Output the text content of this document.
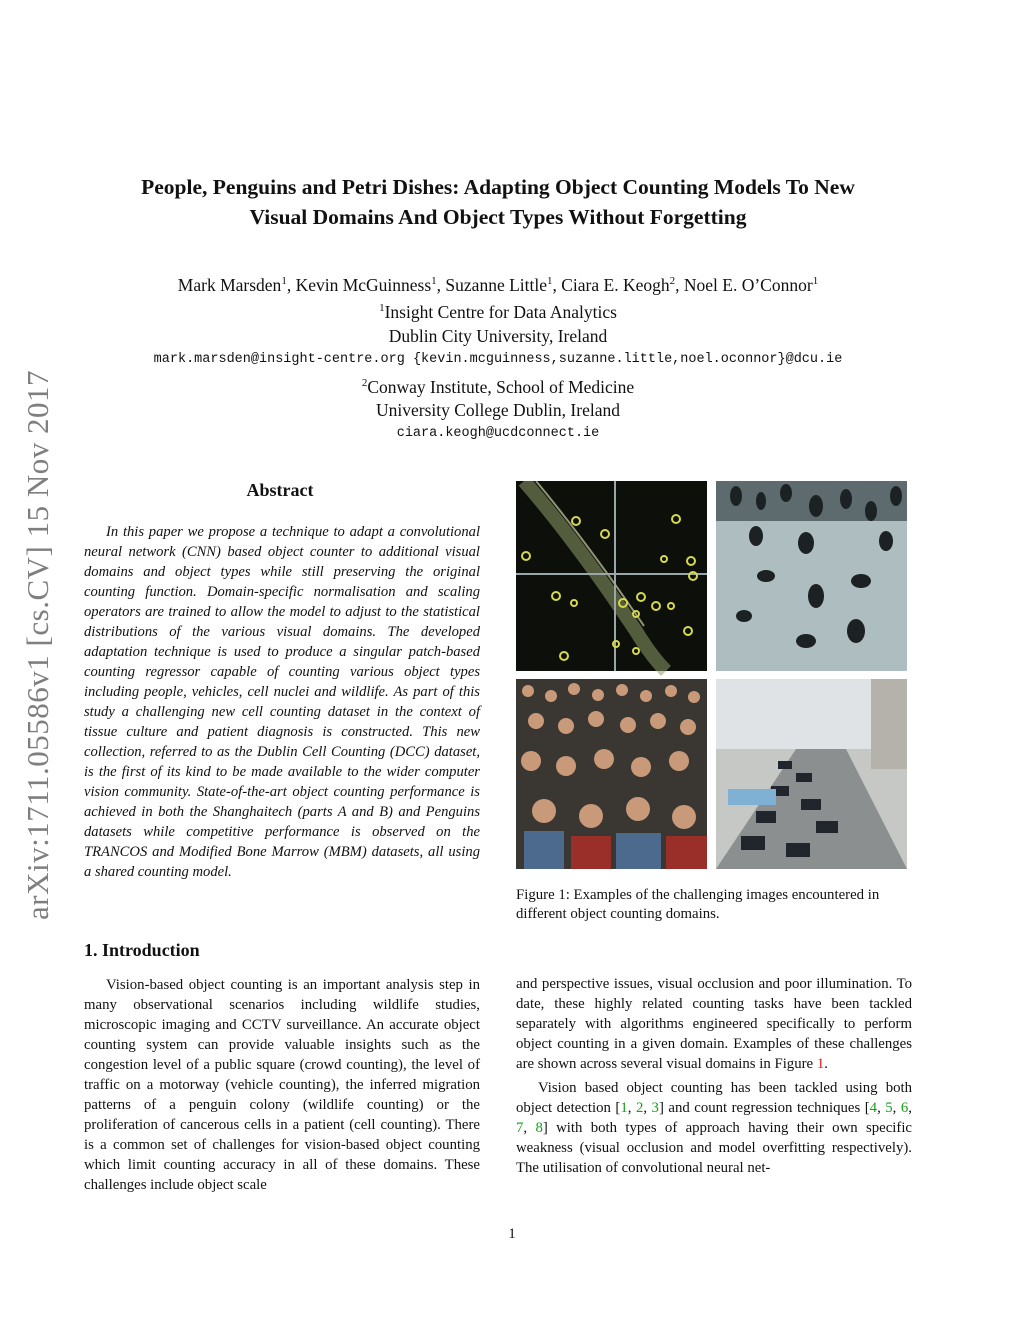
arXiv:1711.05586v1 [cs.CV] 15 Nov 2017
People, Penguins and Petri Dishes: Adapting Object Counting Models To New
Visual Domains And Object Types Without Forgetting
Mark Marsden$^1$, Kevin McGuinness$^1$, Suzanne Little$^1$, Ciara E. Keogh$^2$, Noel E. O’Connor$^1$
$^1$Insight Centre for Data Analytics
Dublin City University, Ireland
mark.marsden@insight-centre.org {kevin.mcguinness,suzanne.little,noel.oconnor}@dcu.ie
$^2$Conway Institute, School of Medicine
University College Dublin, Ireland
ciara.keogh@ucdconnect.ie
Abstract
In this paper we propose a technique to adapt a convolutional neural network (CNN) based object counter to additional visual domains and object types while still preserving the original counting function. Domain-specific normalisation and scaling operators are trained to allow the model to adjust to the statistical distributions of the various visual domains. The developed adaptation technique is used to produce a singular patch-based counting regressor capable of counting various object types including people, vehicles, cell nuclei and wildlife. As part of this study a challenging new cell counting dataset in the context of tissue culture and patient diagnosis is constructed. This new collection, referred to as the Dublin Cell Counting (DCC) dataset, is the first of its kind to be made available to the wider computer vision community. State-of-the-art object counting performance is achieved in both the Shanghaitech (parts A and B) and Penguins datasets while competitive performance is observed on the TRANCOS and Modified Bone Marrow (MBM) datasets, all using a shared counting model.
Figure 1: Examples of the challenging images encountered in different object counting domains.
1. Introduction
Vision-based object counting is an important analysis step in many observational scenarios including wildlife studies, microscopic imaging and CCTV surveillance. An accurate object counting system can provide valuable insights such as the congestion level of a public square (crowd counting), the level of traffic on a motorway (vehicle counting), the inferred migration patterns of a penguin colony (wildlife counting) or the proliferation of cancerous cells in a patient (cell counting). There is a common set of challenges for vision-based object counting which limit counting accuracy in all of these domains. These challenges include object scale

and perspective issues, visual occlusion and poor illumination. To date, these highly related counting tasks have been tackled separately with algorithms engineered specifically to perform object counting in a given domain. Examples of these challenges are shown across several visual domains in Figure 1.

Vision based object counting has been tackled using both object detection [1, 2, 3] and count regression techniques [4, 5, 6, 7, 8] with both types of approach having their own specific weakness (visual occlusion and model overfitting respectively). The utilisation of convolutional neural net-

1
